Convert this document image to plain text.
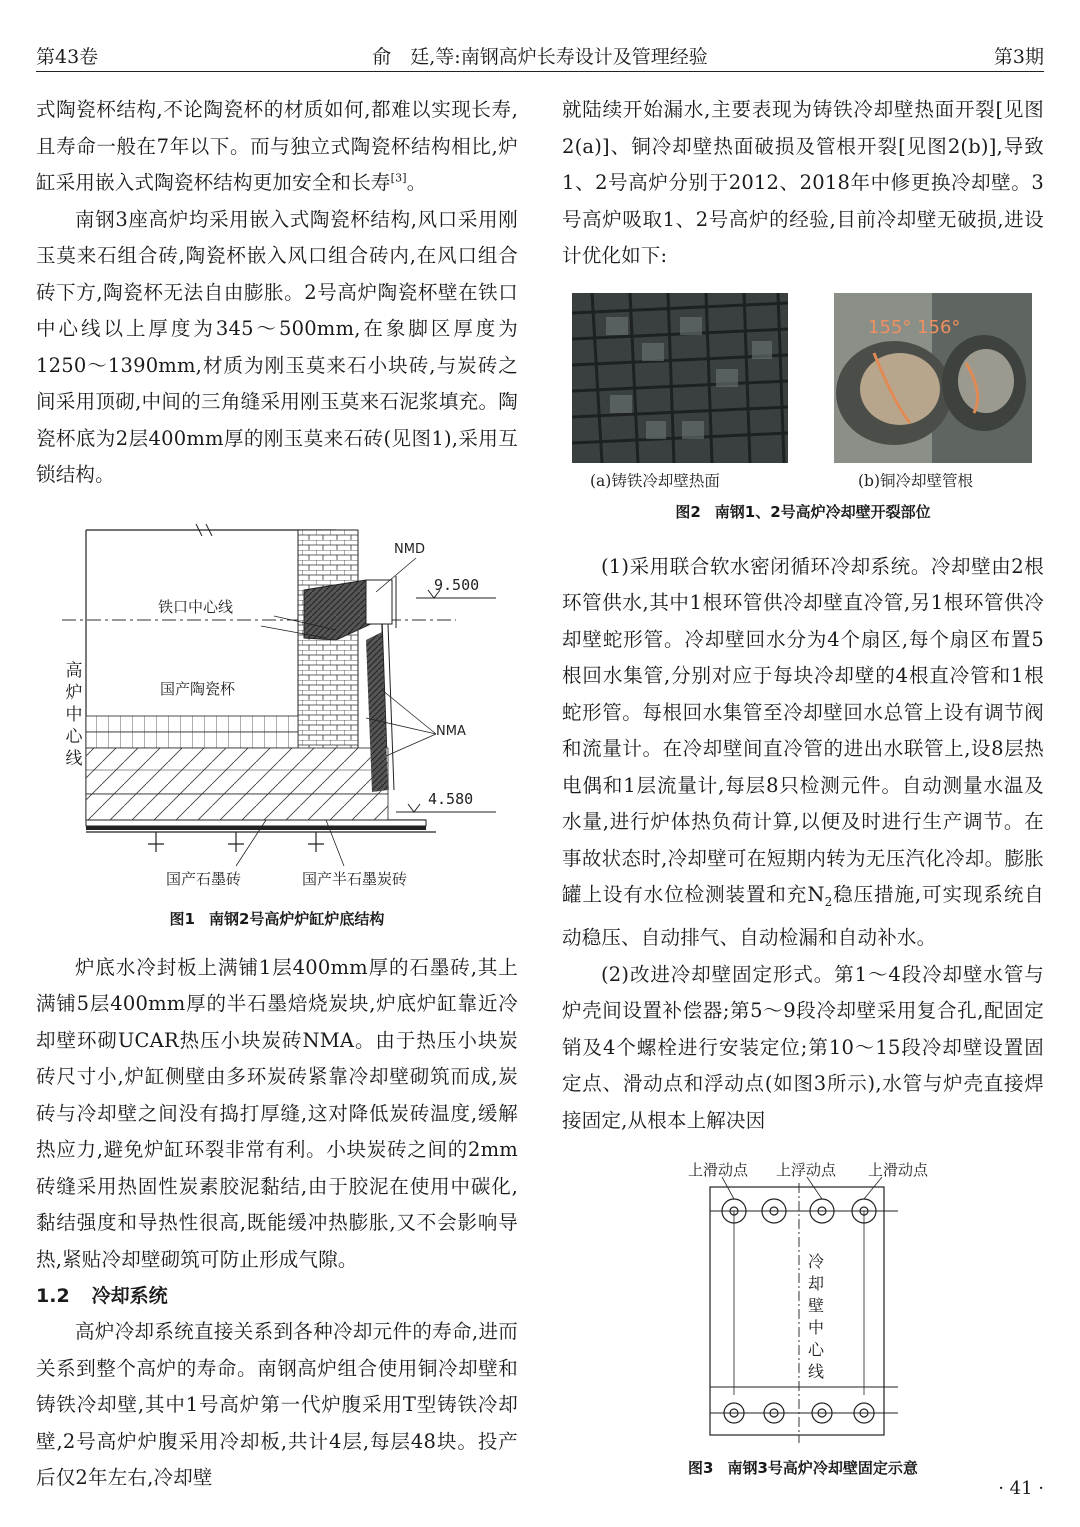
第43卷	俞　廷,等:南钢高炉长寿设计及管理经验	第3期

式陶瓷杯结构,不论陶瓷杯的材质如何,都难以实现长寿,且寿命一般在7年以下。而与独立式陶瓷杯结构相比,炉缸采用嵌入式陶瓷杯结构更加安全和长寿[3]。

南钢3座高炉均采用嵌入式陶瓷杯结构,风口采用刚玉莫来石组合砖,陶瓷杯嵌入风口组合砖内,在风口组合砖下方,陶瓷杯无法自由膨胀。2号高炉陶瓷杯壁在铁口中心线以上厚度为345～500mm,在象脚区厚度为1250～1390mm,材质为刚玉莫来石小块砖,与炭砖之间采用顶砌,中间的三角缝采用刚玉莫来石泥浆填充。陶瓷杯底为2层400mm厚的刚玉莫来石砖(见图1),采用互锁结构。

NMD
9.500
铁口中心线
高炉中心线
国产陶瓷杯
NMA
4.580
国产石墨砖	国产半石墨炭砖
图1 南钢2号高炉炉缸炉底结构

炉底水冷封板上满铺1层400mm厚的石墨砖,其上满铺5层400mm厚的半石墨焙烧炭块,炉底炉缸靠近冷却壁环砌UCAR热压小块炭砖NMA。由于热压小块炭砖尺寸小,炉缸侧壁由多环炭砖紧靠冷却壁砌筑而成,炭砖与冷却壁之间没有捣打厚缝,这对降低炭砖温度,缓解热应力,避免炉缸环裂非常有利。小块炭砖之间的2mm砖缝采用热固性炭素胶泥黏结,由于胶泥在使用中碳化,黏结强度和导热性很高,既能缓冲热膨胀,又不会影响导热,紧贴冷却壁砌筑可防止形成气隙。

1.2 冷却系统

高炉冷却系统直接关系到各种冷却元件的寿命,进而关系到整个高炉的寿命。南钢高炉组合使用铜冷却壁和铸铁冷却壁,其中1号高炉第一代炉腹采用T型铸铁冷却壁,2号高炉炉腹采用冷却板,共计4层,每层48块。投产后仅2年左右,冷却壁

就陆续开始漏水,主要表现为铸铁冷却壁热面开裂[见图2(a)]、铜冷却壁热面破损及管根开裂[见图2(b)],导致1、2号高炉分别于2012、2018年中修更换冷却壁。3号高炉吸取1、2号高炉的经验,目前冷却壁无破损,进设计优化如下:

155° 156°
(a)铸铁冷却壁热面	(b)铜冷却壁管根
图2 南钢1、2号高炉冷却壁开裂部位

(1)采用联合软水密闭循环冷却系统。冷却壁由2根环管供水,其中1根环管供冷却壁直冷管,另1根环管供冷却壁蛇形管。冷却壁回水分为4个扇区,每个扇区布置5根回水集管,分别对应于每块冷却壁的4根直冷管和1根蛇形管。每根回水集管至冷却壁回水总管上设有调节阀和流量计。在冷却壁间直冷管的进出水联管上,设8层热电偶和1层流量计,每层8只检测元件。自动测量水温及水量,进行炉体热负荷计算,以便及时进行生产调节。在事故状态时,冷却壁可在短期内转为无压汽化冷却。膨胀罐上设有水位检测装置和充$N_2$稳压措施,可实现系统自动稳压、自动排气、自动检漏和自动补水。

(2)改进冷却壁固定形式。第1～4段冷却壁水管与炉壳间设置补偿器;第5～9段冷却壁采用复合孔,配固定销及4个螺栓进行安装定位;第10～15段冷却壁设置固定点、滑动点和浮动点(如图3所示),水管与炉壳直接焊接固定,从根本上解决因

上滑动点 上浮动点 上滑动点
冷却壁中心线
图3 南钢3号高炉冷却壁固定示意
· 41 ·
